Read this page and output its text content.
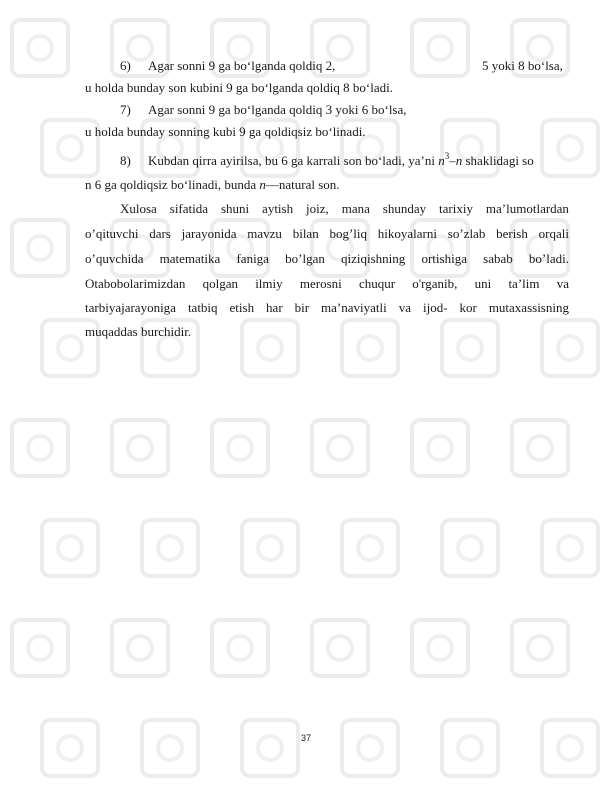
6) Agar sonni 9 ga bo‘lganda qoldiq 2,	5 yoki 8 bo‘lsa,
u holda bunday son kubini 9 ga bo‘lganda qoldiq 8 bo‘ladi.
7) Agar sonni 9 ga bo‘lganda qoldiq 3 yoki 6 bo‘lsa,
u holda bunday sonning kubi 9 ga qoldiqsiz bo‘linadi.
8) Kubdan qirra ayirilsa, bu 6 ga karrali son bo‘ladi, ya’ni $n^3-n$ shaklidagi so
n 6 ga qoldiqsiz bo‘linadi, bunda n—natural son.
Xulosa sifatida shuni aytish joiz, mana shunday tarixiy ma’lumotlardan
o’qituvchi dars jarayonida mavzu bilan bog’liq hikoyalarni so’zlab berish orqali
o’quvchida matematika faniga bo’lgan qiziqishning ortishiga sabab bo’ladi.
Otabobolarimizdan qolgan ilmiy merosni chuqur o'rganib, uni ta’lim va
tarbiyajarayoniga tatbiq etish har bir ma’naviyatli va ijod- kor mutaxassisning
muqaddas burchidir.
37
